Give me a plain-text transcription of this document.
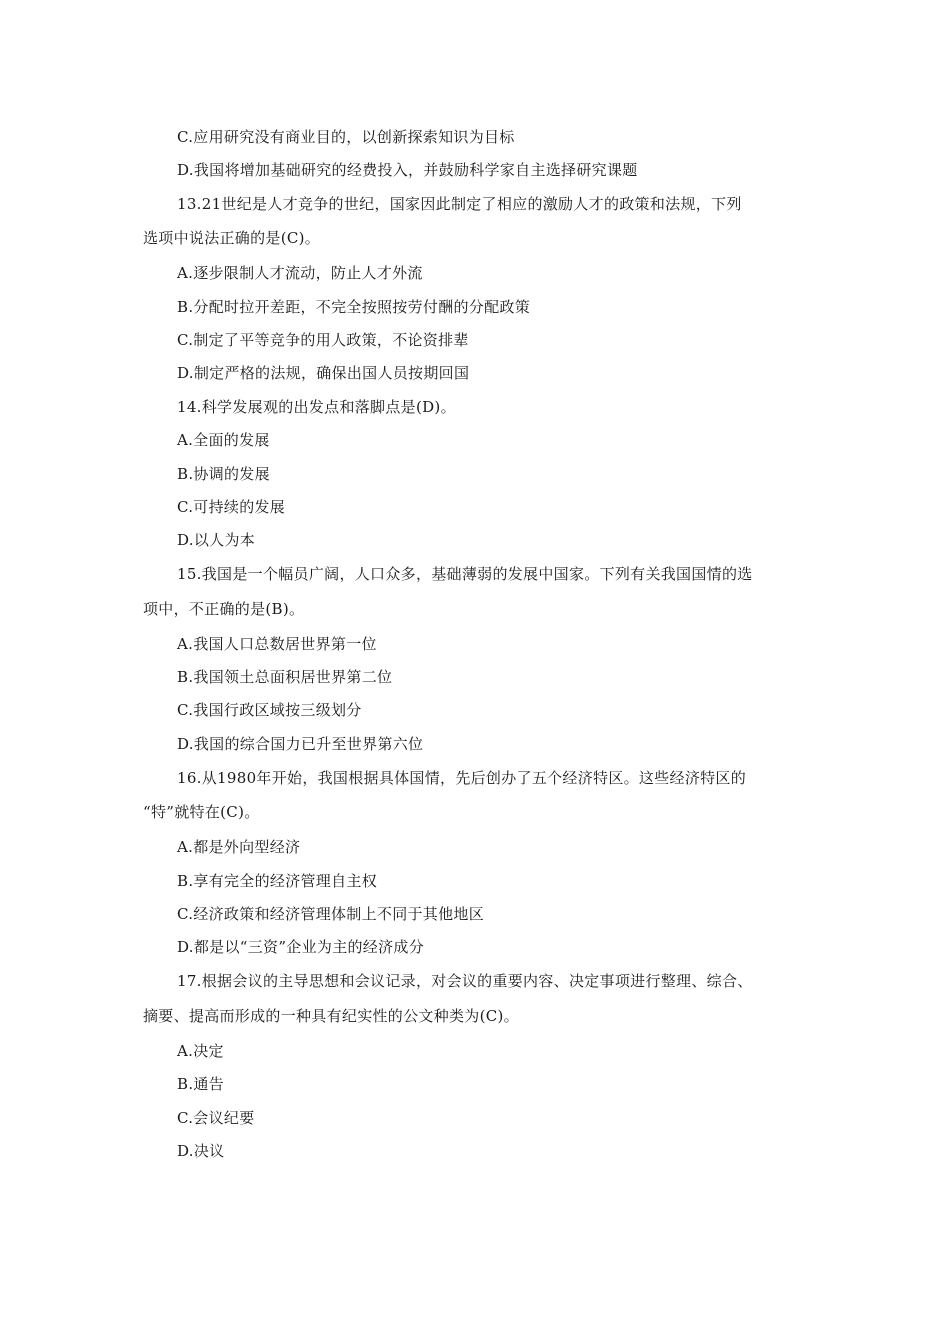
C.应用研究没有商业目的，以创新探索知识为目标
D.我国将增加基础研究的经费投入，并鼓励科学家自主选择研究课题
13.21世纪是人才竞争的世纪，国家因此制定了相应的激励人才的政策和法规，下列
选项中说法正确的是(C)。
A.逐步限制人才流动，防止人才外流
B.分配时拉开差距，不完全按照按劳付酬的分配政策
C.制定了平等竞争的用人政策，不论资排辈
D.制定严格的法规，确保出国人员按期回国
14.科学发展观的出发点和落脚点是(D)。
A.全面的发展
B.协调的发展
C.可持续的发展
D.以人为本
15.我国是一个幅员广阔，人口众多，基础薄弱的发展中国家。下列有关我国国情的选
项中，不正确的是(B)。
A.我国人口总数居世界第一位
B.我国领土总面积居世界第二位
C.我国行政区域按三级划分
D.我国的综合国力已升至世界第六位
16.从1980年开始，我国根据具体国情，先后创办了五个经济特区。这些经济特区的
“特”就特在(C)。
A.都是外向型经济
B.享有完全的经济管理自主权
C.经济政策和经济管理体制上不同于其他地区
D.都是以“三资”企业为主的经济成分
17.根据会议的主导思想和会议记录，对会议的重要内容、决定事项进行整理、综合、
摘要、提高而形成的一种具有纪实性的公文种类为(C)。
A.决定
B.通告
C.会议纪要
D.决议
